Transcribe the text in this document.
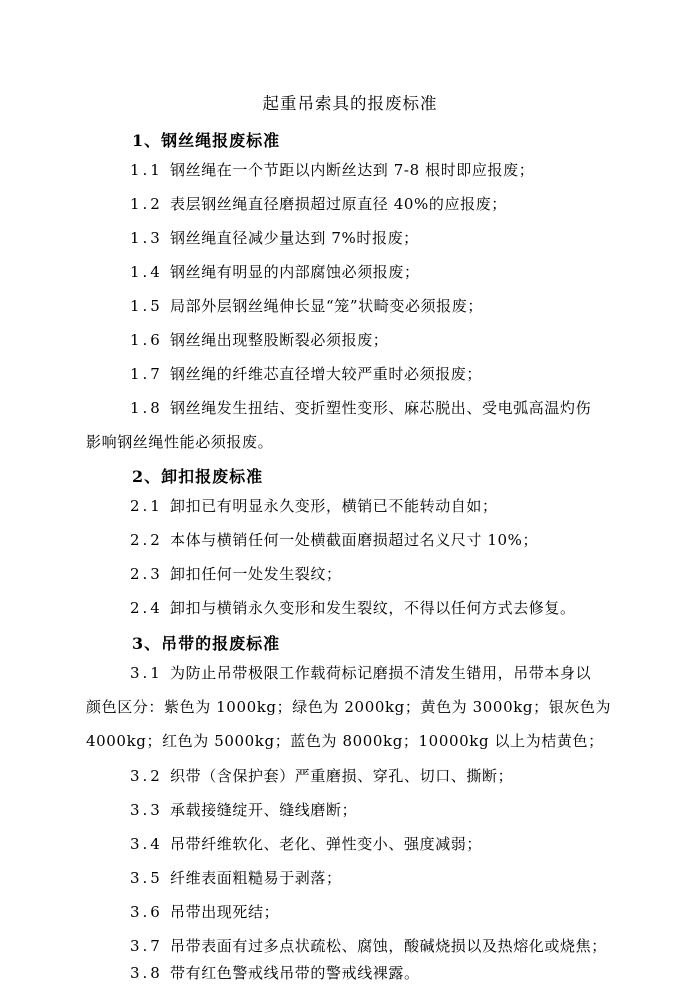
起重吊索具的报废标准
1、钢丝绳报废标准
1.1 钢丝绳在一个节距以内断丝达到 7-8 根时即应报废；
1.2 表层钢丝绳直径磨损超过原直径 40%的应报废；
1.3 钢丝绳直径减少量达到 7%时报废；
1.4 钢丝绳有明显的内部腐蚀必须报废；
1.5 局部外层钢丝绳伸长显“笼”状畸变必须报废；
1.6 钢丝绳出现整股断裂必须报废；
1.7 钢丝绳的纤维芯直径增大较严重时必须报废；
1.8 钢丝绳发生扭结、变折塑性变形、麻芯脱出、受电弧高温灼伤
影响钢丝绳性能必须报废。
2、卸扣报废标准
2.1 卸扣已有明显永久变形，横销已不能转动自如；
2.2 本体与横销任何一处横截面磨损超过名义尺寸 10%；
2.3 卸扣任何一处发生裂纹；
2.4 卸扣与横销永久变形和发生裂纹，不得以任何方式去修复。
3、吊带的报废标准
3.1 为防止吊带极限工作载荷标记磨损不清发生错用，吊带本身以
颜色区分：紫色为 1000kg；绿色为 2000kg；黄色为 3000kg；银灰色为
4000kg；红色为 5000kg；蓝色为 8000kg；10000kg 以上为桔黄色；
3.2 织带（含保护套）严重磨损、穿孔、切口、撕断；
3.3 承载接缝绽开、缝线磨断；
3.4 吊带纤维软化、老化、弹性变小、强度减弱；
3.5 纤维表面粗糙易于剥落；
3.6 吊带出现死结；
3.7 吊带表面有过多点状疏松、腐蚀，酸碱烧损以及热熔化或烧焦；
3.8 带有红色警戒线吊带的警戒线裸露。
